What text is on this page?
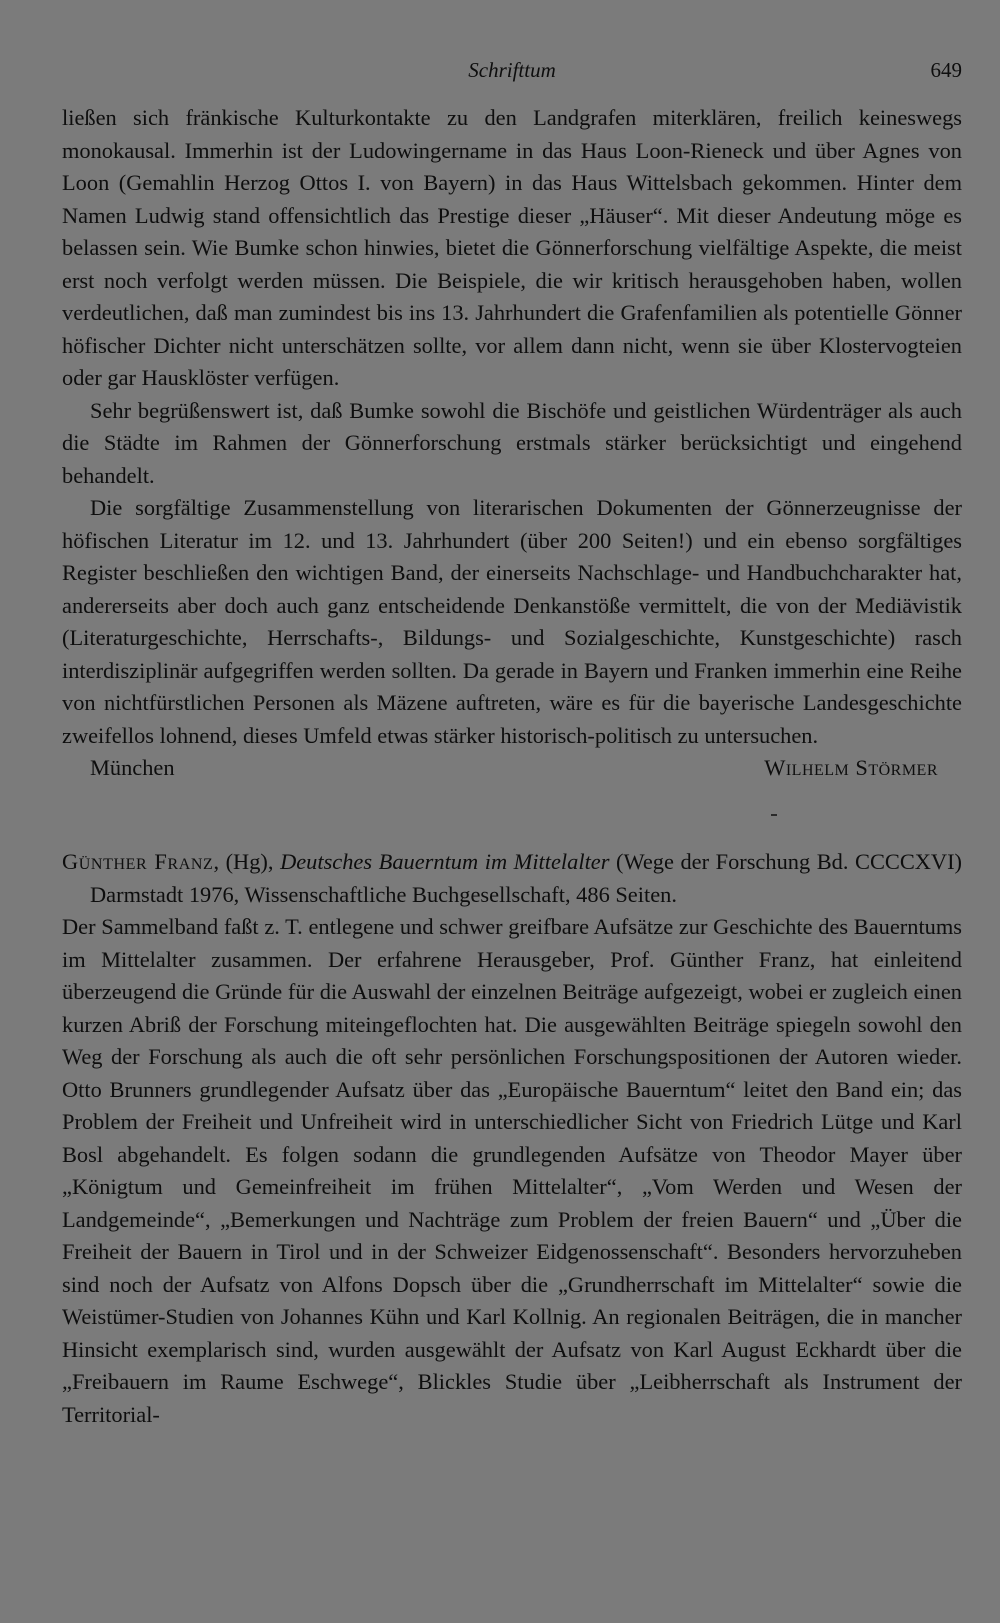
Schrifttum	649

ließen sich fränkische Kulturkontakte zu den Landgrafen miterklären, freilich keineswegs monokausal. Immerhin ist der Ludowingername in das Haus Loon-Rieneck und über Agnes von Loon (Gemahlin Herzog Ottos I. von Bayern) in das Haus Wittelsbach gekommen. Hinter dem Namen Ludwig stand offensichtlich das Prestige dieser „Häuser“. Mit dieser Andeutung möge es belassen sein. Wie Bumke schon hinwies, bietet die Gönnerforschung vielfältige Aspekte, die meist erst noch verfolgt werden müssen. Die Beispiele, die wir kritisch herausgehoben haben, wollen verdeutlichen, daß man zumindest bis ins 13. Jahrhundert die Grafenfamilien als potentielle Gönner höfischer Dichter nicht unterschätzen sollte, vor allem dann nicht, wenn sie über Klostervogteien oder gar Hausklöster verfügen.

Sehr begrüßenswert ist, daß Bumke sowohl die Bischöfe und geistlichen Würdenträger als auch die Städte im Rahmen der Gönnerforschung erstmals stärker berücksichtigt und eingehend behandelt.

Die sorgfältige Zusammenstellung von literarischen Dokumenten der Gönnerzeugnisse der höfischen Literatur im 12. und 13. Jahrhundert (über 200 Seiten!) und ein ebenso sorgfältiges Register beschließen den wichtigen Band, der einerseits Nachschlage- und Handbuchcharakter hat, andererseits aber doch auch ganz entscheidende Denkanstöße vermittelt, die von der Mediävistik (Literaturgeschichte, Herrschafts-, Bildungs- und Sozialgeschichte, Kunstgeschichte) rasch interdisziplinär aufgegriffen werden sollten. Da gerade in Bayern und Franken immerhin eine Reihe von nichtfürstlichen Personen als Mäzene auftreten, wäre es für die bayerische Landesgeschichte zweifellos lohnend, dieses Umfeld etwas stärker historisch-politisch zu untersuchen.

München	Wilhelm Störmer

Günther Franz, (Hg), Deutsches Bauerntum im Mittelalter (Wege der Forschung Bd. CCCCXVI) Darmstadt 1976, Wissenschaftliche Buchgesellschaft, 486 Seiten.

Der Sammelband faßt z. T. entlegene und schwer greifbare Aufsätze zur Geschichte des Bauerntums im Mittelalter zusammen. Der erfahrene Herausgeber, Prof. Günther Franz, hat einleitend überzeugend die Gründe für die Auswahl der einzelnen Beiträge aufgezeigt, wobei er zugleich einen kurzen Abriß der Forschung miteingeflochten hat. Die ausgewählten Beiträge spiegeln sowohl den Weg der Forschung als auch die oft sehr persönlichen Forschungspositionen der Autoren wieder. Otto Brunners grundlegender Aufsatz über das „Europäische Bauerntum“ leitet den Band ein; das Problem der Freiheit und Unfreiheit wird in unterschiedlicher Sicht von Friedrich Lütge und Karl Bosl abgehandelt. Es folgen sodann die grundlegenden Aufsätze von Theodor Mayer über „Königtum und Gemeinfreiheit im frühen Mittelalter“, „Vom Werden und Wesen der Landgemeinde“, „Bemerkungen und Nachträge zum Problem der freien Bauern“ und „Über die Freiheit der Bauern in Tirol und in der Schweizer Eidgenossenschaft“. Besonders hervorzuheben sind noch der Aufsatz von Alfons Dopsch über die „Grundherrschaft im Mittelalter“ sowie die Weistümer-Studien von Johannes Kühn und Karl Kollnig. An regionalen Beiträgen, die in mancher Hinsicht exemplarisch sind, wurden ausgewählt der Aufsatz von Karl August Eckhardt über die „Freibauern im Raume Eschwege“, Blickles Studie über „Leibherrschaft als Instrument der Territorial-
